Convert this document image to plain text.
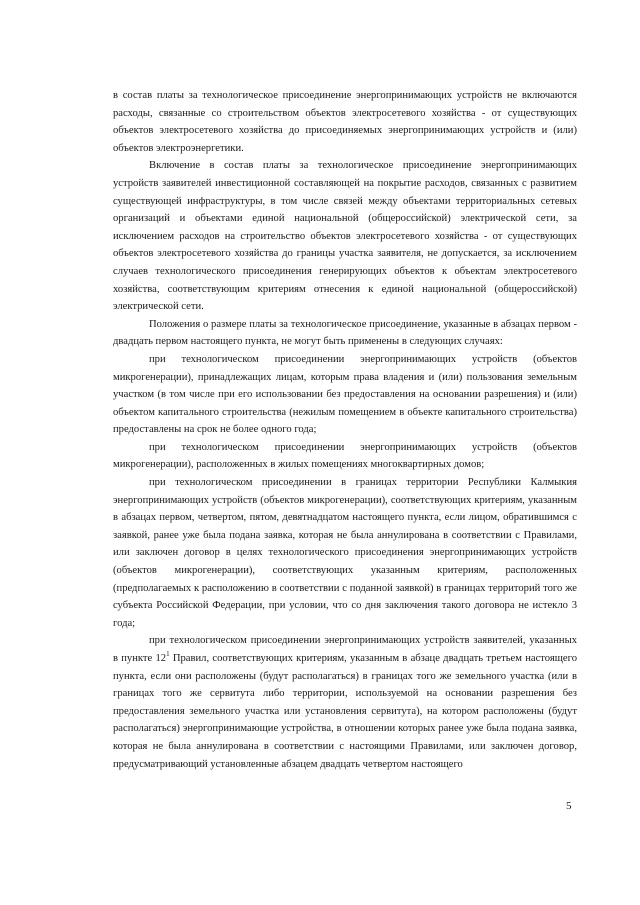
в состав платы за технологическое присоединение энергопринимающих устройств не включаются расходы, связанные со строительством объектов электросетевого хозяйства - от существующих объектов электросетевого хозяйства до присоединяемых энергопринимающих устройств и (или) объектов электроэнергетики.

Включение в состав платы за технологическое присоединение энергопринимающих устройств заявителей инвестиционной составляющей на покрытие расходов, связанных с развитием существующей инфраструктуры, в том числе связей между объектами территориальных сетевых организаций и объектами единой национальной (общероссийской) электрической сети, за исключением расходов на строительство объектов электросетевого хозяйства - от существующих объектов электросетевого хозяйства до границы участка заявителя, не допускается, за исключением случаев технологического присоединения генерирующих объектов к объектам электросетевого хозяйства, соответствующим критериям отнесения к единой национальной (общероссийской) электрической сети.

Положения о размере платы за технологическое присоединение, указанные в абзацах первом - двадцать первом настоящего пункта, не могут быть применены в следующих случаях:

при технологическом присоединении энергопринимающих устройств (объектов микрогенерации), принадлежащих лицам, которым права владения и (или) пользования земельным участком (в том числе при его использовании без предоставления на основании разрешения) и (или) объектом капитального строительства (нежилым помещением в объекте капитального строительства) предоставлены на срок не более одного года;

при технологическом присоединении энергопринимающих устройств (объектов микрогенерации), расположенных в жилых помещениях многоквартирных домов;

при технологическом присоединении в границах территории Республики Калмыкия энергопринимающих устройств (объектов микрогенерации), соответствующих критериям, указанным в абзацах первом, четвертом, пятом, девятнадцатом настоящего пункта, если лицом, обратившимся с заявкой, ранее уже была подана заявка, которая не была аннулирована в соответствии с Правилами, или заключен договор в целях технологического присоединения энергопринимающих устройств (объектов микрогенерации), соответствующих указанным критериям, расположенных (предполагаемых к расположению в соответствии с поданной заявкой) в границах территорий того же субъекта Российской Федерации, при условии, что со дня заключения такого договора не истекло 3 года;

при технологическом присоединении энергопринимающих устройств заявителей, указанных в пункте $12^1$ Правил, соответствующих критериям, указанным в абзаце двадцать третьем настоящего пункта, если они расположены (будут располагаться) в границах того же земельного участка (или в границах того же сервитута либо территории, используемой на основании разрешения без предоставления земельного участка или установления сервитута), на котором расположены (будут располагаться) энергопринимающие устройства, в отношении которых ранее уже была подана заявка, которая не была аннулирована в соответствии с настоящими Правилами, или заключен договор, предусматривающий установленные абзацем двадцать четвертом настоящего

5
